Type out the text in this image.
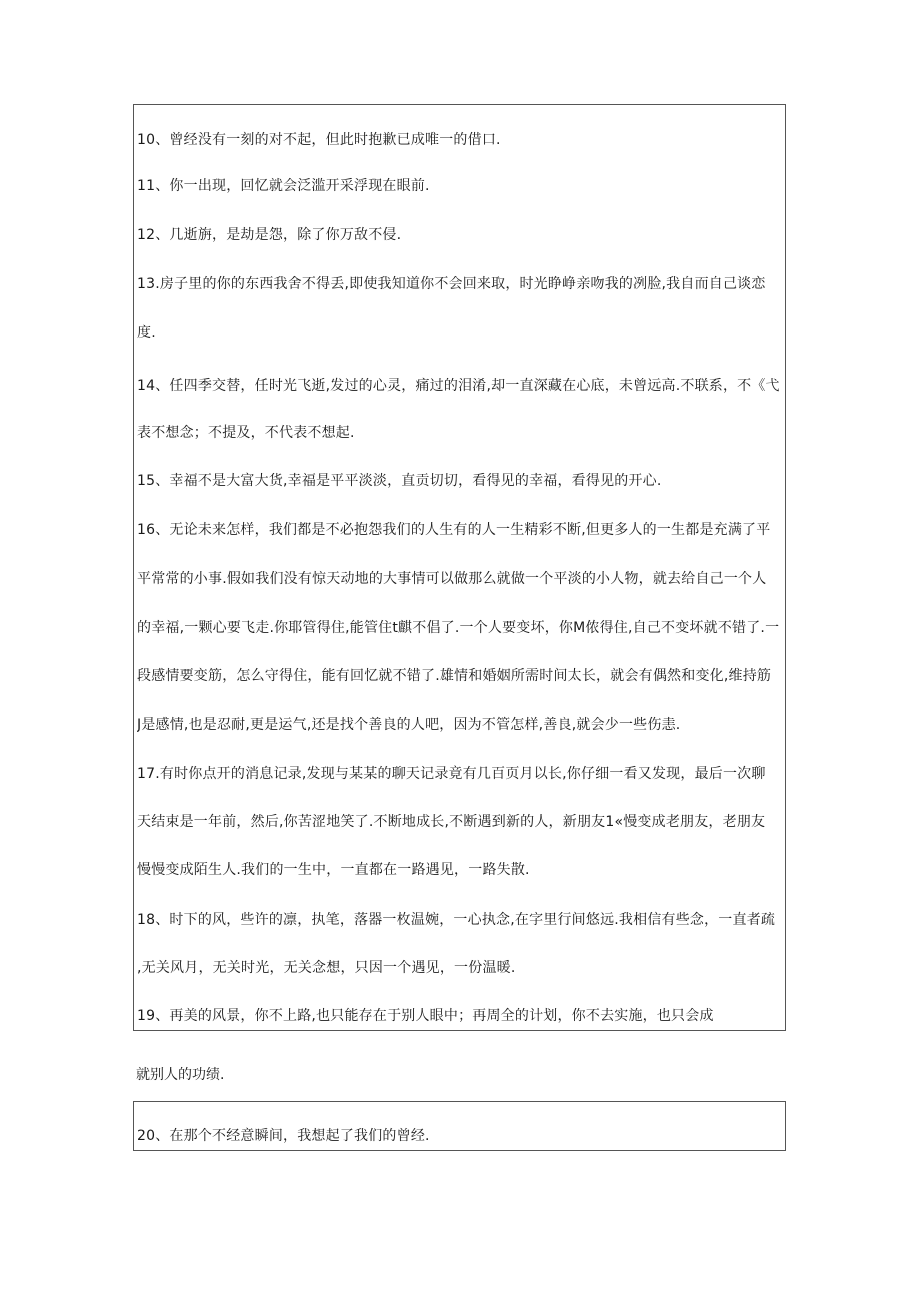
10、曾经没有一刻的对不起，但此时抱歉已成唯一的借口.
11、你一出现，回忆就会泛滥开采浮现在眼前.
12、几逝旃，是劫是怨，除了你万敌不侵.
13.房子里的你的东西我舍不得丢,即使我知道你不会回来取，时光睁峥亲吻我的冽脸,我自而自己谈恋
度.
14、任四季交替，任时光飞逝,发过的心灵，痛过的泪淆,却一直深藏在心底，未曾远高.不联系，不《弋
表不想念；不提及，不代表不想起.
15、幸福不是大富大货,幸福是平平淡淡，直贡切切，看得见的幸福，看得见的开心.
16、无论未来怎样，我们都是不必抱怨我们的人生有的人一生精彩不断,但更多人的一生都是充满了平
平常常的小事.假如我们没有惊天动地的大事情可以做那么就做一个平淡的小人物，就去给自己一个人
的幸福,一颗心要飞走.你耶管得住,能管住t麒不倡了.一个人要变坏，你M侬得住,自己不变坏就不错了.一
段感情要变筋，怎么守得住，能有回忆就不错了.雄情和婚姻所需时间太长，就会有偶然和变化,维持筋
J是感情,也是忍耐,更是运气,还是找个善良的人吧，因为不管怎样,善良,就会少一些伤恚.
17.有时你点开的消息记录,发现与某某的聊天记录竟有几百页月以长,你仔细一看又发现，最后一次聊
天结束是一年前，然后,你苦涩地笑了.不断地成长,不断遇到新的人，新朋友1«慢变成老朋友，老朋友
慢慢变成陌生人.我们的一生中，一直都在一路遇见，一路失散.
18、时下的风，些许的凛，执笔，落器一枚温婉，一心执念,在字里行间悠远.我相信有些念，一直者疏
,无关风月，无关时光，无关念想，只因一个遇见，一份温暖.
19、再美的风景，你不上路,也只能存在于别人眼中；再周全的计划，你不去实施，也只会成
就别人的功绩.
20、在那个不经意瞬间，我想起了我们的曾经.
